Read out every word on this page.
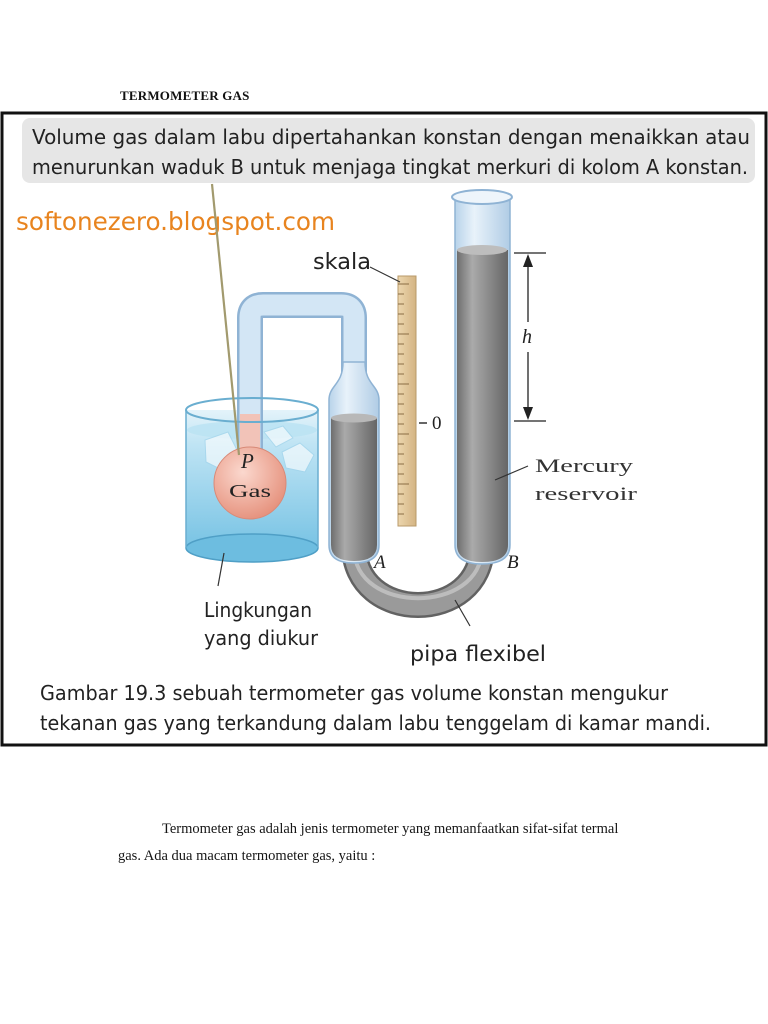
TERMOMETER GAS
Volume gas dalam labu dipertahankan konstan dengan menaikkan atau
menurunkan waduk B untuk menjaga tingkat merkuri di kolom A konstan.
softonezero.blogspot.com
P
Gas
0
skala
h
A	B
Mercury
reservoir
Lingkungan
yang diukur
pipa flexibel
Gambar 19.3 sebuah termometer gas volume konstan mengukur
tekanan gas yang terkandung dalam labu tenggelam di kamar mandi.
Termometer gas adalah jenis termometer yang memanfaatkan sifat-sifat termal
gas. Ada dua macam termometer gas, yaitu :
